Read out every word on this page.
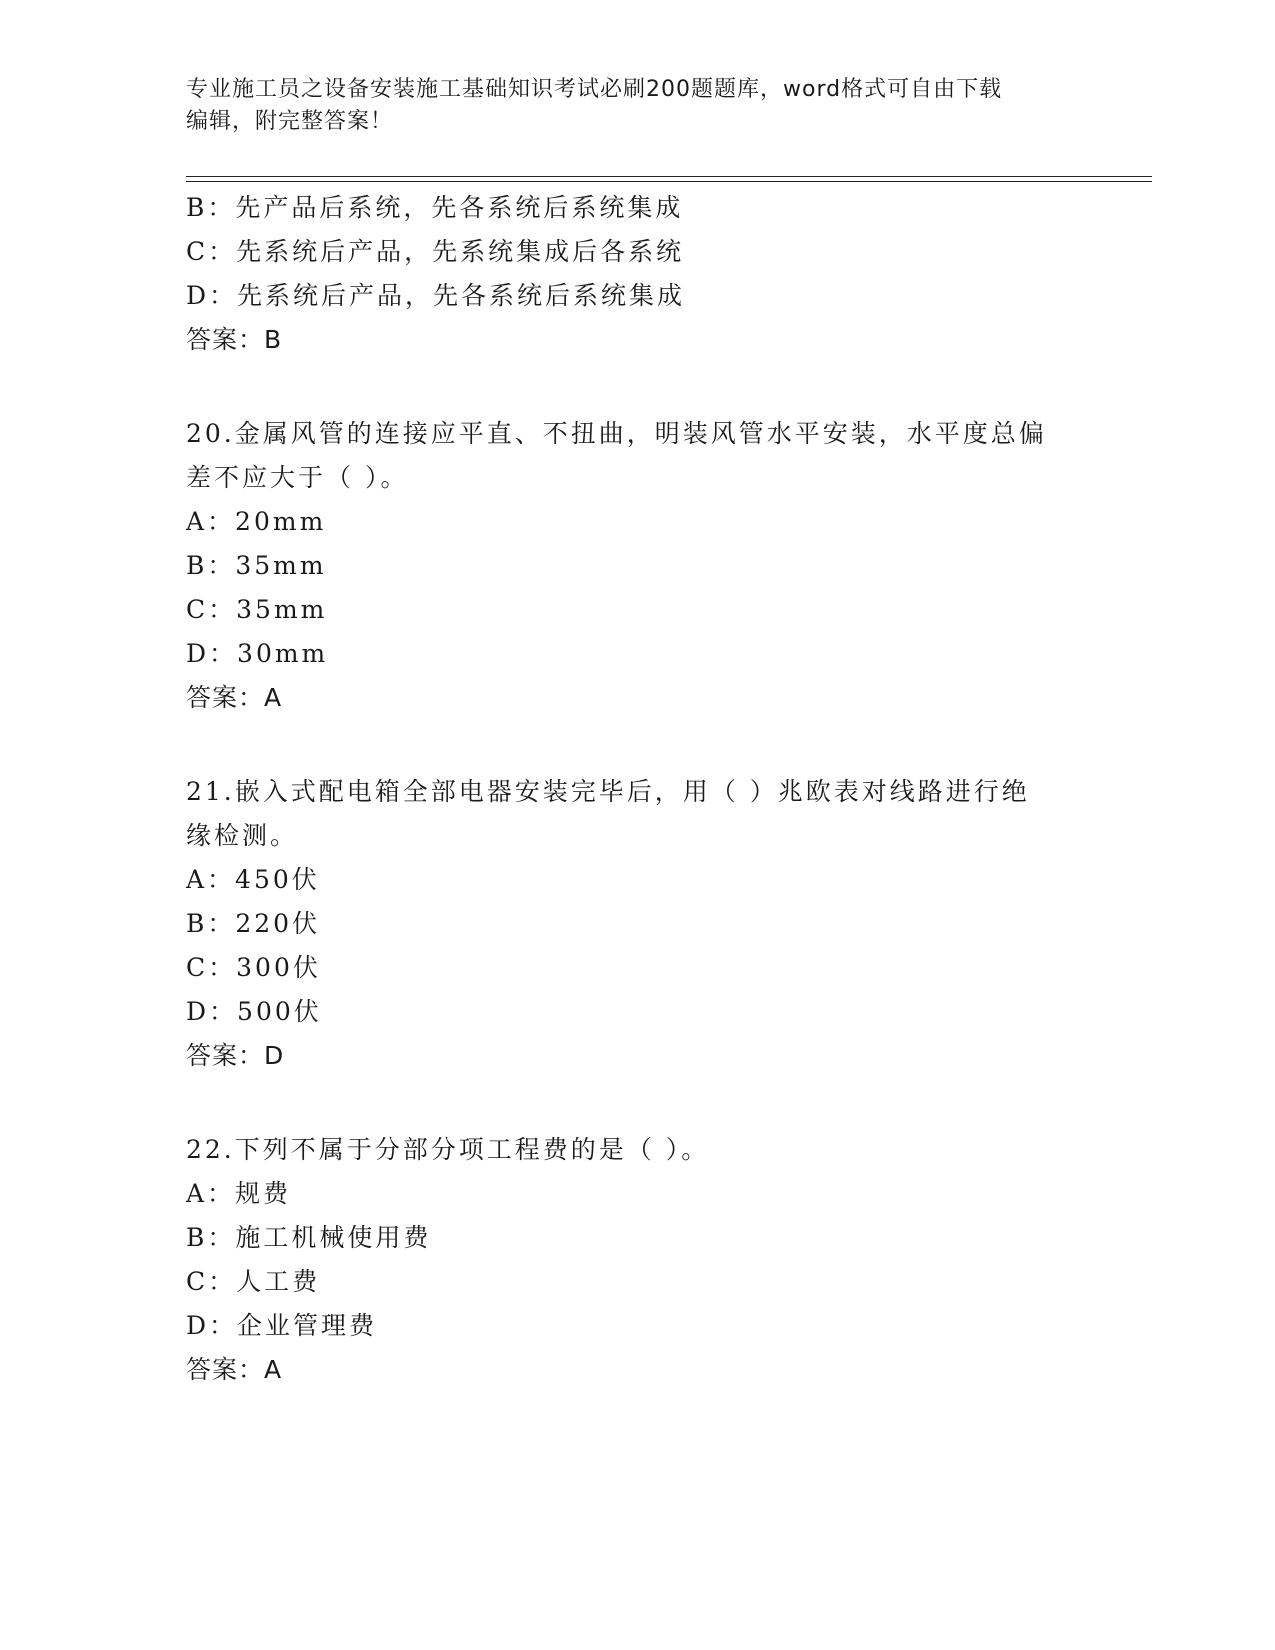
专业施工员之设备安装施工基础知识考试必刷200题题库，word格式可自由下载
编辑，附完整答案！
B：先产品后系统，先各系统后系统集成
C：先系统后产品，先系统集成后各系统
D：先系统后产品，先各系统后系统集成
答案：B
20.金属风管的连接应平直、不扭曲，明装风管水平安装，水平度总偏
差不应大于（ ）。
A：20mm
B：35mm
C：35mm
D：30mm
答案：A
21.嵌入式配电箱全部电器安装完毕后，用（ ）兆欧表对线路进行绝
缘检测。
A：450伏
B：220伏
C：300伏
D：500伏
答案：D
22.下列不属于分部分项工程费的是（ ）。
A：规费
B：施工机械使用费
C：人工费
D：企业管理费
答案：A
